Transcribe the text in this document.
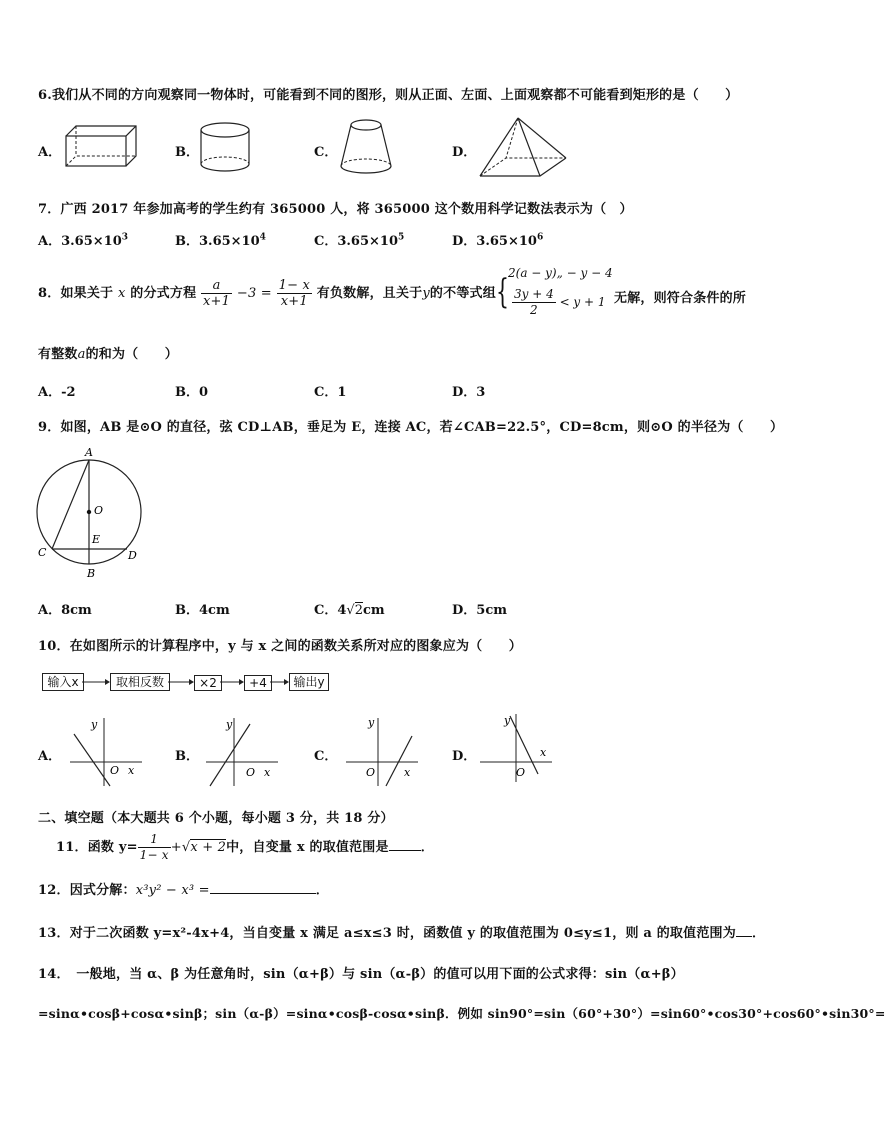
6.我们从不同的方向观察同一物体时，可能看到不同的图形，则从正面、左面、上面观察都不可能看到矩形的是（　　）
A．	B．	C．	D．
7．广西 2017 年参加高考的学生约有 365000 人，将 365000 这个数用科学记数法表示为（　）
A．$3.65\times 10^3$	B．$3.65\times 10^4$	C．$3.65\times 10^5$	D．$3.65\times 10^6$
8．如果关于 x 的分式方程 $\frac{a}{x+1} -3 = \frac{1- x}{x+1}$ 有负数解，且关于y的不等式组 { 2(a − y)„ − y − 4
$\frac{3y + 4}{2} < y + 1$ 无解，则符合条件的所
有整数a的和为（　　）
A．-2	B．0	C．1	D．3
9．如图，AB 是⊙O 的直径，弦 CD⊥AB，垂足为 E，连接 AC，若∠CAB=22.5°，CD=8cm，则⊙O 的半径为（　　）
A
O
E
C	D
B
A．8cm	B．4cm	C．4√2cm	D．5cm
10．在如图所示的计算程序中，y 与 x 之间的函数关系所对应的图象应为（　　）
输入x	取相反数	×2	+4	输出y
A．
y
O x
B．
y
O x
C．
y
O	x
D．
y
O
x
二、填空题（本大题共 6 个小题，每小题 3 分，共 18 分）
11．函数 $y= \frac{1}{1- x} +√x + 2$中，自变量 x 的取值范围是 ．
12．因式分解：x³y² − x³ =	．
13．对于二次函数 y=x²-4x+4，当自变量 x 满足 a≤x≤3 时，函数值 y 的取值范围为 0≤y≤1，则 a 的取值范围为 ．
14．　一般地，当 α、β 为任意角时，sin（α+β）与 sin（α-β）的值可以用下面的公式求得：sin（α+β）
=sinα•cosβ+cosα•sinβ；sin（α-β）=sinα•cosβ-cosα•sinβ．例如 sin90°=sin（60°+30°）=sin60°•cos30°+cos60°•sin30°=
